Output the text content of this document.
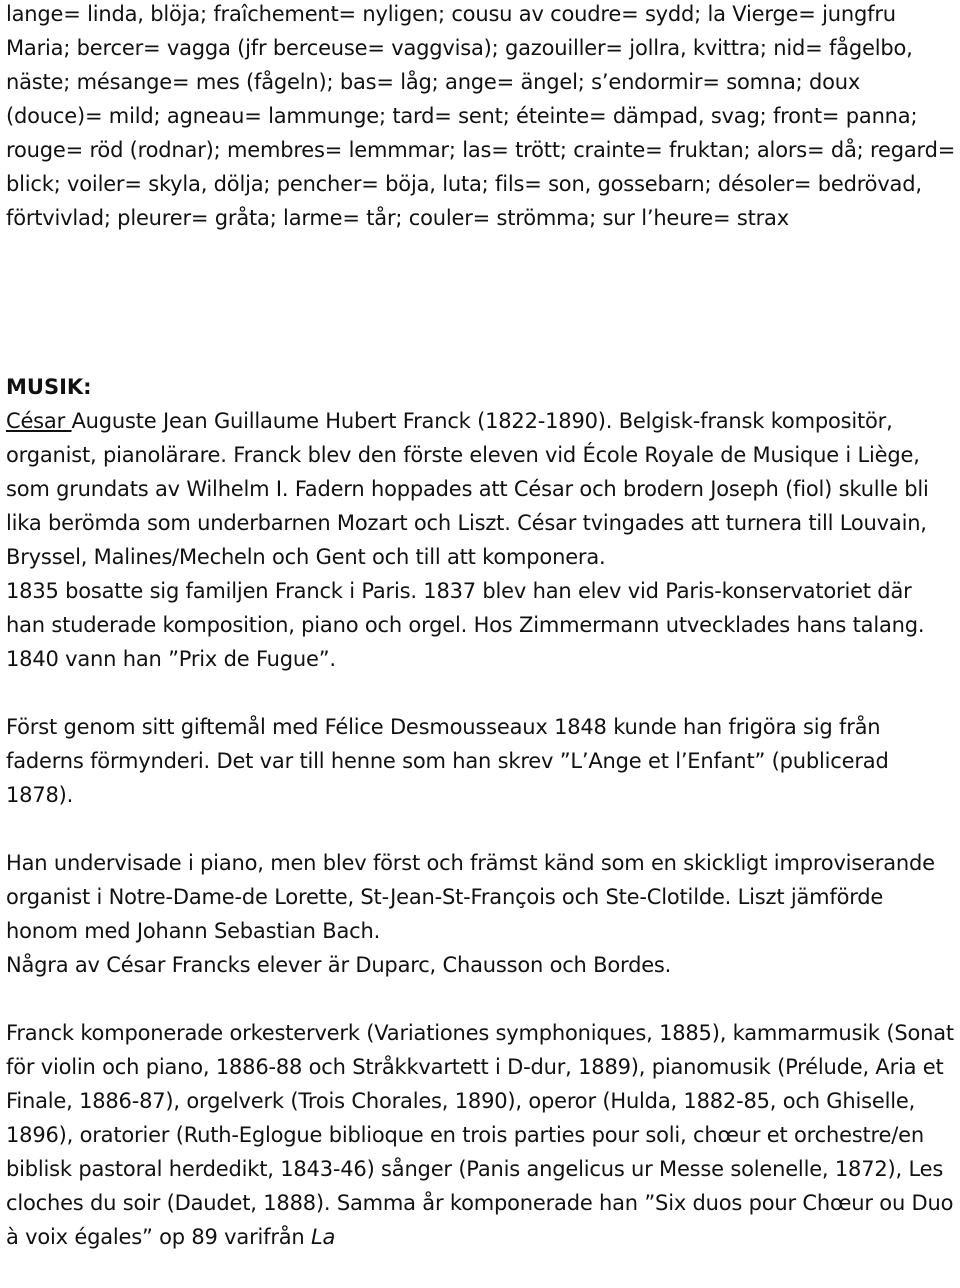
lange= linda, blöja; fraîchement= nyligen; cousu av coudre= sydd; la Vierge= jungfru Maria; bercer= vagga (jfr berceuse= vaggvisa); gazouiller= jollra, kvittra; nid= fågelbo, näste; mésange= mes (fågeln); bas= låg; ange= ängel; s’endormir= somna; doux (douce)= mild; agneau= lammunge; tard= sent; éteinte= dämpad, svag; front= panna; rouge= röd (rodnar); membres= lemmmar; las= trött; crainte= fruktan; alors= då; regard= blick; voiler= skyla, dölja; pencher= böja, luta; fils= son, gossebarn; désoler= bedrövad, förtvivlad; pleurer= gråta; larme= tår; couler= strömma; sur l’heure= strax

MUSIK:

César Auguste Jean Guillaume Hubert Franck (1822-1890). Belgisk-fransk kompositör, organist, pianolärare. Franck blev den förste eleven vid École Royale de Musique i Liège, som grundats av Wilhelm I. Fadern hoppades att César och brodern Joseph (fiol) skulle bli lika berömda som underbarnen Mozart och Liszt. César tvingades att turnera till Louvain, Bryssel, Malines/Mecheln och Gent och till att komponera.

1835 bosatte sig familjen Franck i Paris. 1837 blev han elev vid Paris-konservatoriet där han studerade komposition, piano och orgel. Hos Zimmermann utvecklades hans talang. 1840 vann han ”Prix de Fugue”.

Först genom sitt giftemål med Félice Desmousseaux 1848 kunde han frigöra sig från faderns förmynderi. Det var till henne som han skrev ”L’Ange et l’Enfant” (publicerad 1878).

Han undervisade i piano, men blev först och främst känd som en skickligt improviserande organist i Notre-Dame-de Lorette, St-Jean-St-François och Ste-Clotilde. Liszt jämförde honom med Johann Sebastian Bach.

Några av César Francks elever är Duparc, Chausson och Bordes.

Franck komponerade orkesterverk (Variationes symphoniques, 1885), kammarmusik (Sonat för violin och piano, 1886-88 och Stråkkvartett i D-dur, 1889), pianomusik (Prélude, Aria et Finale, 1886-87), orgelverk (Trois Chorales, 1890), operor (Hulda, 1882-85, och Ghiselle, 1896), oratorier (Ruth-Eglogue biblioque en trois parties pour soli, chœur et orchestre/en biblisk pastoral herdedikt, 1843-46) sånger (Panis angelicus ur Messe solenelle, 1872), Les cloches du soir (Daudet, 1888). Samma år komponerade han ”Six duos pour Chœur ou Duo à voix égales” op 89 varifrån La
